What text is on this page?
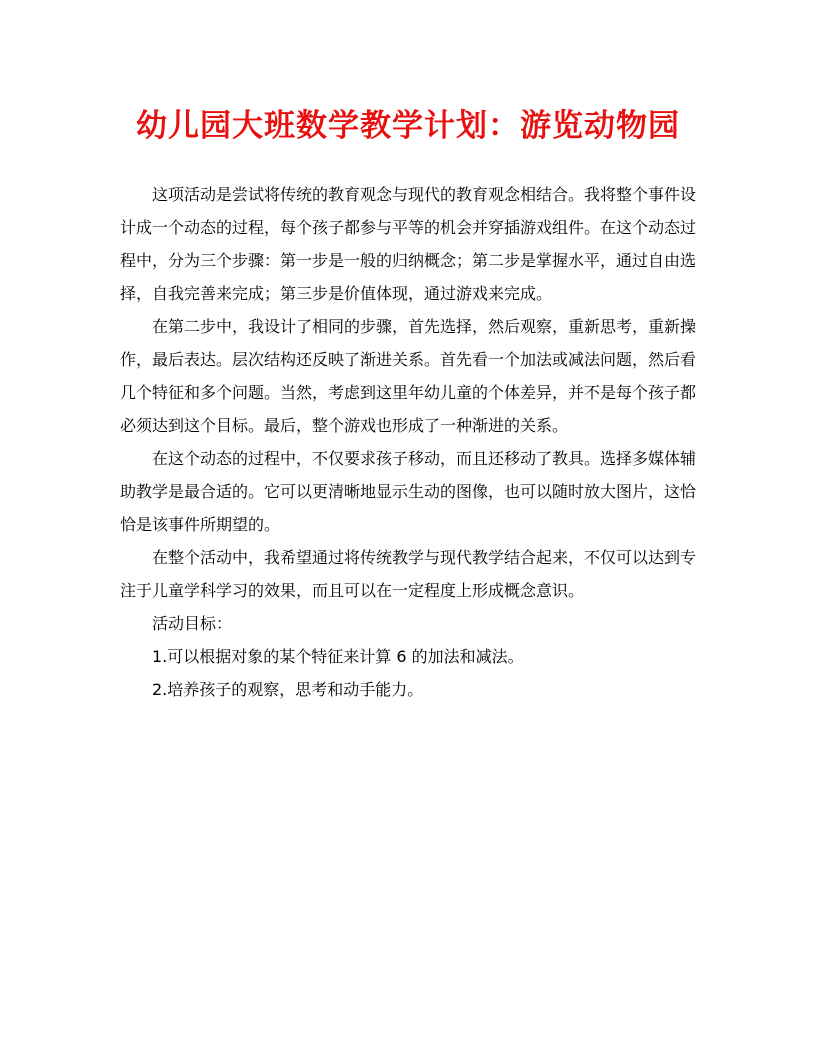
幼儿园大班数学教学计划：游览动物园

这项活动是尝试将传统的教育观念与现代的教育观念相结合。我将整个事件设计成一个动态的过程，每个孩子都参与平等的机会并穿插游戏组件。在这个动态过程中，分为三个步骤：第一步是一般的归纳概念；第二步是掌握水平，通过自由选择，自我完善来完成；第三步是价值体现，通过游戏来完成。

在第二步中，我设计了相同的步骤，首先选择，然后观察，重新思考，重新操作，最后表达。层次结构还反映了渐进关系。首先看一个加法或减法问题，然后看几个特征和多个问题。当然，考虑到这里年幼儿童的个体差异，并不是每个孩子都必须达到这个目标。最后，整个游戏也形成了一种渐进的关系。

在这个动态的过程中，不仅要求孩子移动，而且还移动了教具。选择多媒体辅助教学是最合适的。它可以更清晰地显示生动的图像，也可以随时放大图片，这恰恰是该事件所期望的。

在整个活动中，我希望通过将传统教学与现代教学结合起来，不仅可以达到专注于儿童学科学习的效果，而且可以在一定程度上形成概念意识。

活动目标：

1.可以根据对象的某个特征来计算 6 的加法和减法。

2.培养孩子的观察，思考和动手能力。
